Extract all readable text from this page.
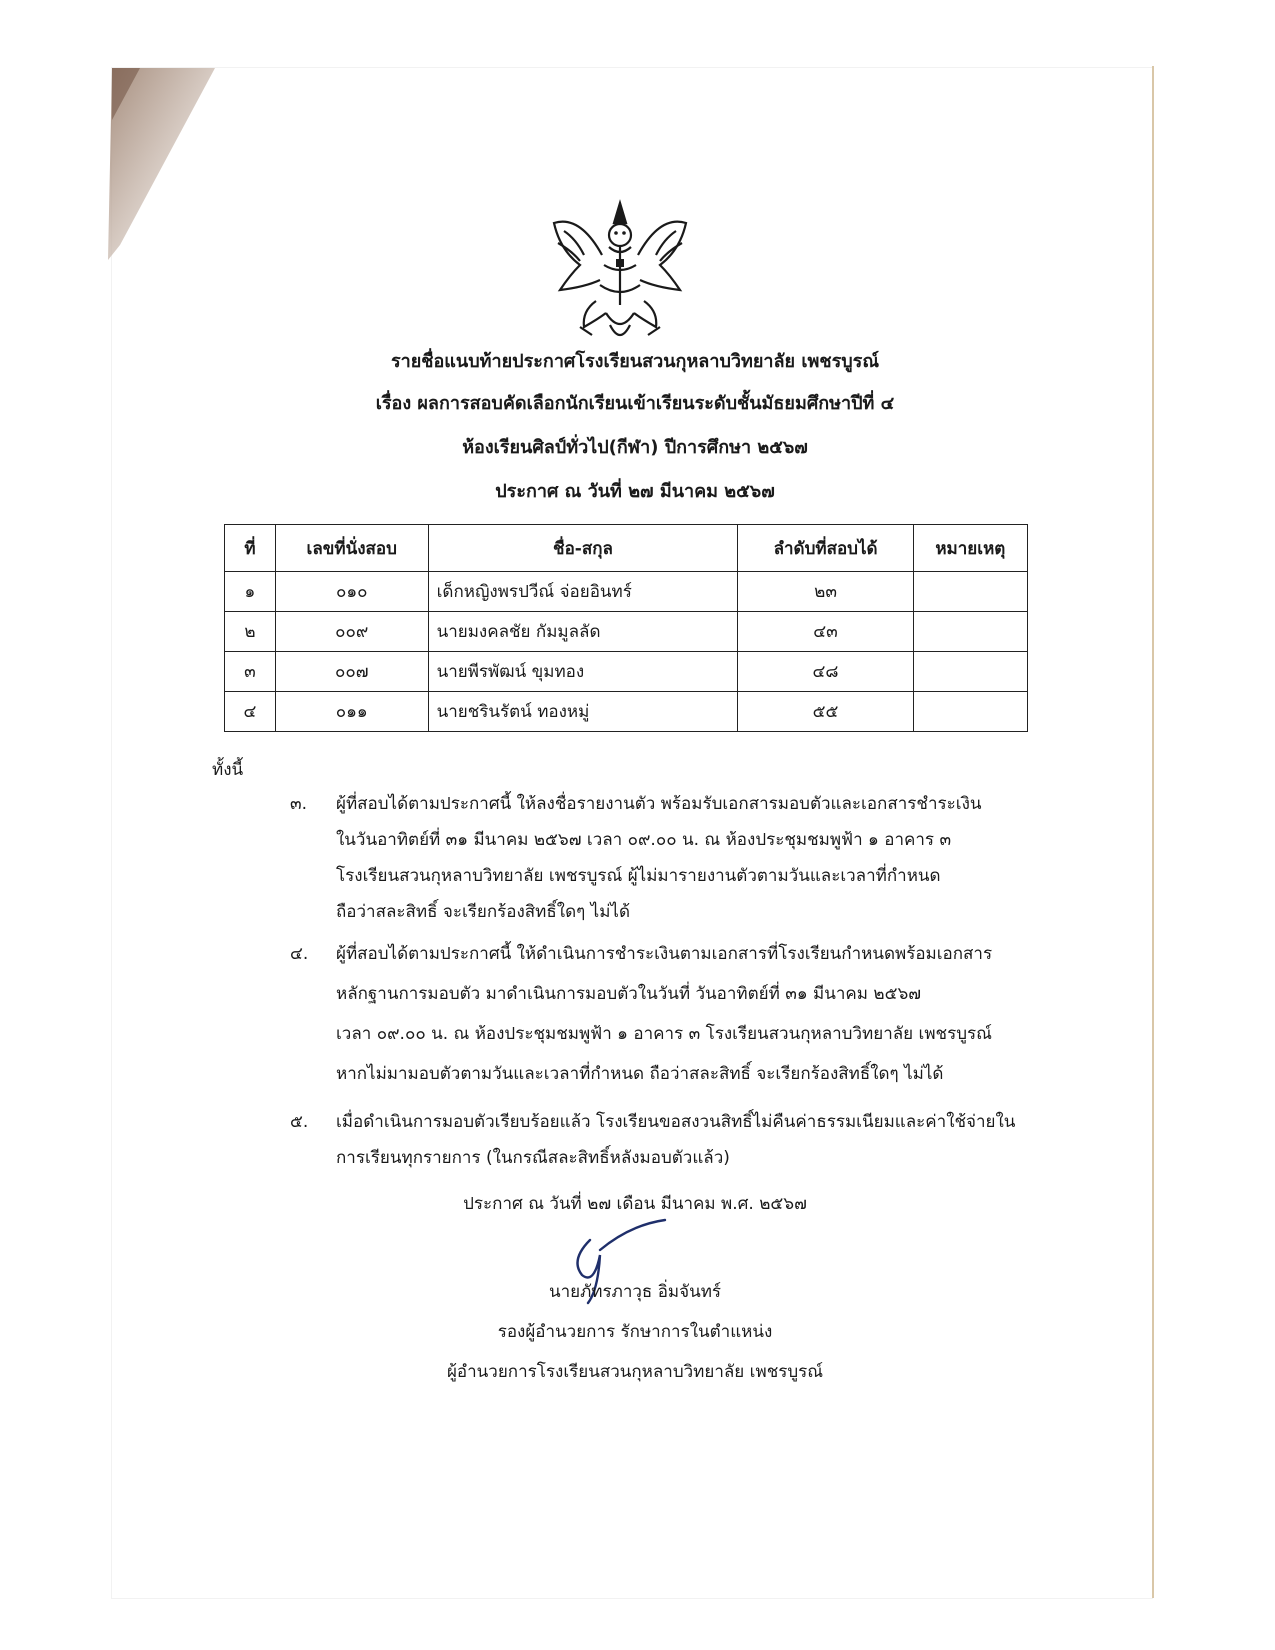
รายชื่อแนบท้ายประกาศโรงเรียนสวนกุหลาบวิทยาลัย เพชรบูรณ์
เรื่อง ผลการสอบคัดเลือกนักเรียนเข้าเรียนระดับชั้นมัธยมศึกษาปีที่ ๔
ห้องเรียนศิลป์ทั่วไป(กีฬา) ปีการศึกษา ๒๕๖๗
ประกาศ ณ วันที่ ๒๗ มีนาคม ๒๕๖๗
ที่	เลขที่นั่งสอบ	ชื่อ-สกุล	ลำดับที่สอบได้	หมายเหตุ
๑	๐๑๐	เด็กหญิงพรปวีณ์ จ่อยอินทร์	๒๓	
๒	๐๐๙	นายมงคลชัย กัมมูลลัด	๔๓	
๓	๐๐๗	นายพีรพัฒน์ ขุมทอง	๔๘	
๔	๐๑๑	นายชรินรัตน์ ทองหมู่	๕๕	
ทั้งนี้
๓. ผู้ที่สอบได้ตามประกาศนี้ ให้ลงชื่อรายงานตัว พร้อมรับเอกสารมอบตัวและเอกสารชำระเงิน
ในวันอาทิตย์ที่ ๓๑ มีนาคม ๒๕๖๗ เวลา ๐๙.๐๐ น. ณ ห้องประชุมชมพูฟ้า ๑ อาคาร ๓
โรงเรียนสวนกุหลาบวิทยาลัย เพชรบูรณ์ ผู้ไม่มารายงานตัวตามวันและเวลาที่กำหนด
ถือว่าสละสิทธิ์ จะเรียกร้องสิทธิ์ใดๆ ไม่ได้
๔. ผู้ที่สอบได้ตามประกาศนี้ ให้ดำเนินการชำระเงินตามเอกสารที่โรงเรียนกำหนดพร้อมเอกสาร
หลักฐานการมอบตัว มาดำเนินการมอบตัวในวันที่ วันอาทิตย์ที่ ๓๑ มีนาคม ๒๕๖๗
เวลา ๐๙.๐๐ น. ณ ห้องประชุมชมพูฟ้า ๑ อาคาร ๓ โรงเรียนสวนกุหลาบวิทยาลัย เพชรบูรณ์
หากไม่มามอบตัวตามวันและเวลาที่กำหนด ถือว่าสละสิทธิ์ จะเรียกร้องสิทธิ์ใดๆ ไม่ได้
๕. เมื่อดำเนินการมอบตัวเรียบร้อยแล้ว โรงเรียนขอสงวนสิทธิ์ไม่คืนค่าธรรมเนียมและค่าใช้จ่ายใน
การเรียนทุกรายการ (ในกรณีสละสิทธิ์หลังมอบตัวแล้ว)
ประกาศ ณ วันที่ ๒๗ เดือน มีนาคม พ.ศ. ๒๕๖๗
นายภัทรภาวุธ อิ่มจันทร์
รองผู้อำนวยการ รักษาการในตำแหน่ง
ผู้อำนวยการโรงเรียนสวนกุหลาบวิทยาลัย เพชรบูรณ์
